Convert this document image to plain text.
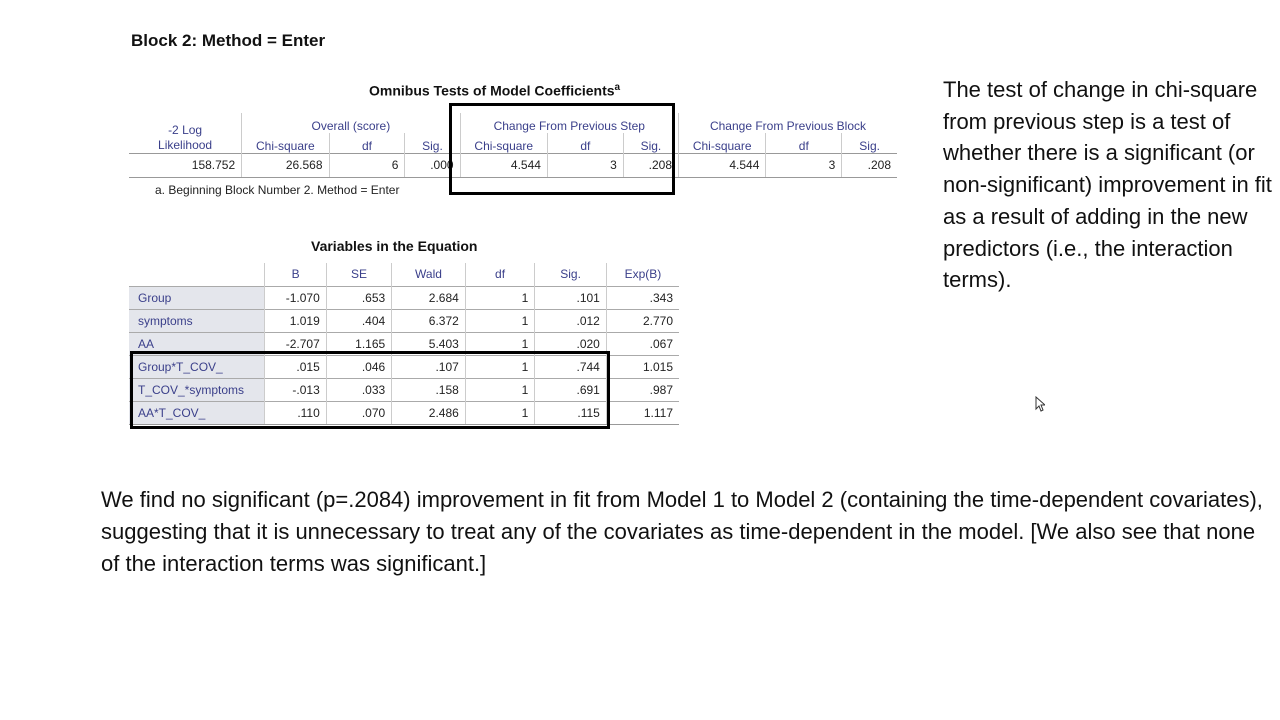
Block 2: Method = Enter
Omnibus Tests of Model Coefficients$^a$
-2 Log
Likelihood	Overall (score)			Change From Previous Step			Change From Previous Block		
	Chi-square	df	Sig.	Chi-square	df	Sig.	Chi-square	df	Sig.
158.752	26.568	6	.000	4.544	3	.208	4.544	3	.208
a. Beginning Block Number 2. Method = Enter
Variables in the Equation
	B	SE	Wald	df	Sig.	Exp(B)
Group	-1.070	.653	2.684	1	.101	.343
symptoms	1.019	.404	6.372	1	.012	2.770
AA	-2.707	1.165	5.403	1	.020	.067
Group*T_COV_	.015	.046	.107	1	.744	1.015
T_COV_*symptoms	-.013	.033	.158	1	.691	.987
AA*T_COV_	.110	.070	2.486	1	.115	1.117
The test of change in chi-square from previous step is a test of whether there is a significant (or non-significant) improvement in fit as a result of adding in the new predictors (i.e., the interaction terms).
We find no significant (p=.2084) improvement in fit from Model 1 to Model 2 (containing the time-dependent covariates), suggesting that it is unnecessary to treat any of the covariates as time-dependent in the model. [We also see that none of the interaction terms was significant.]
